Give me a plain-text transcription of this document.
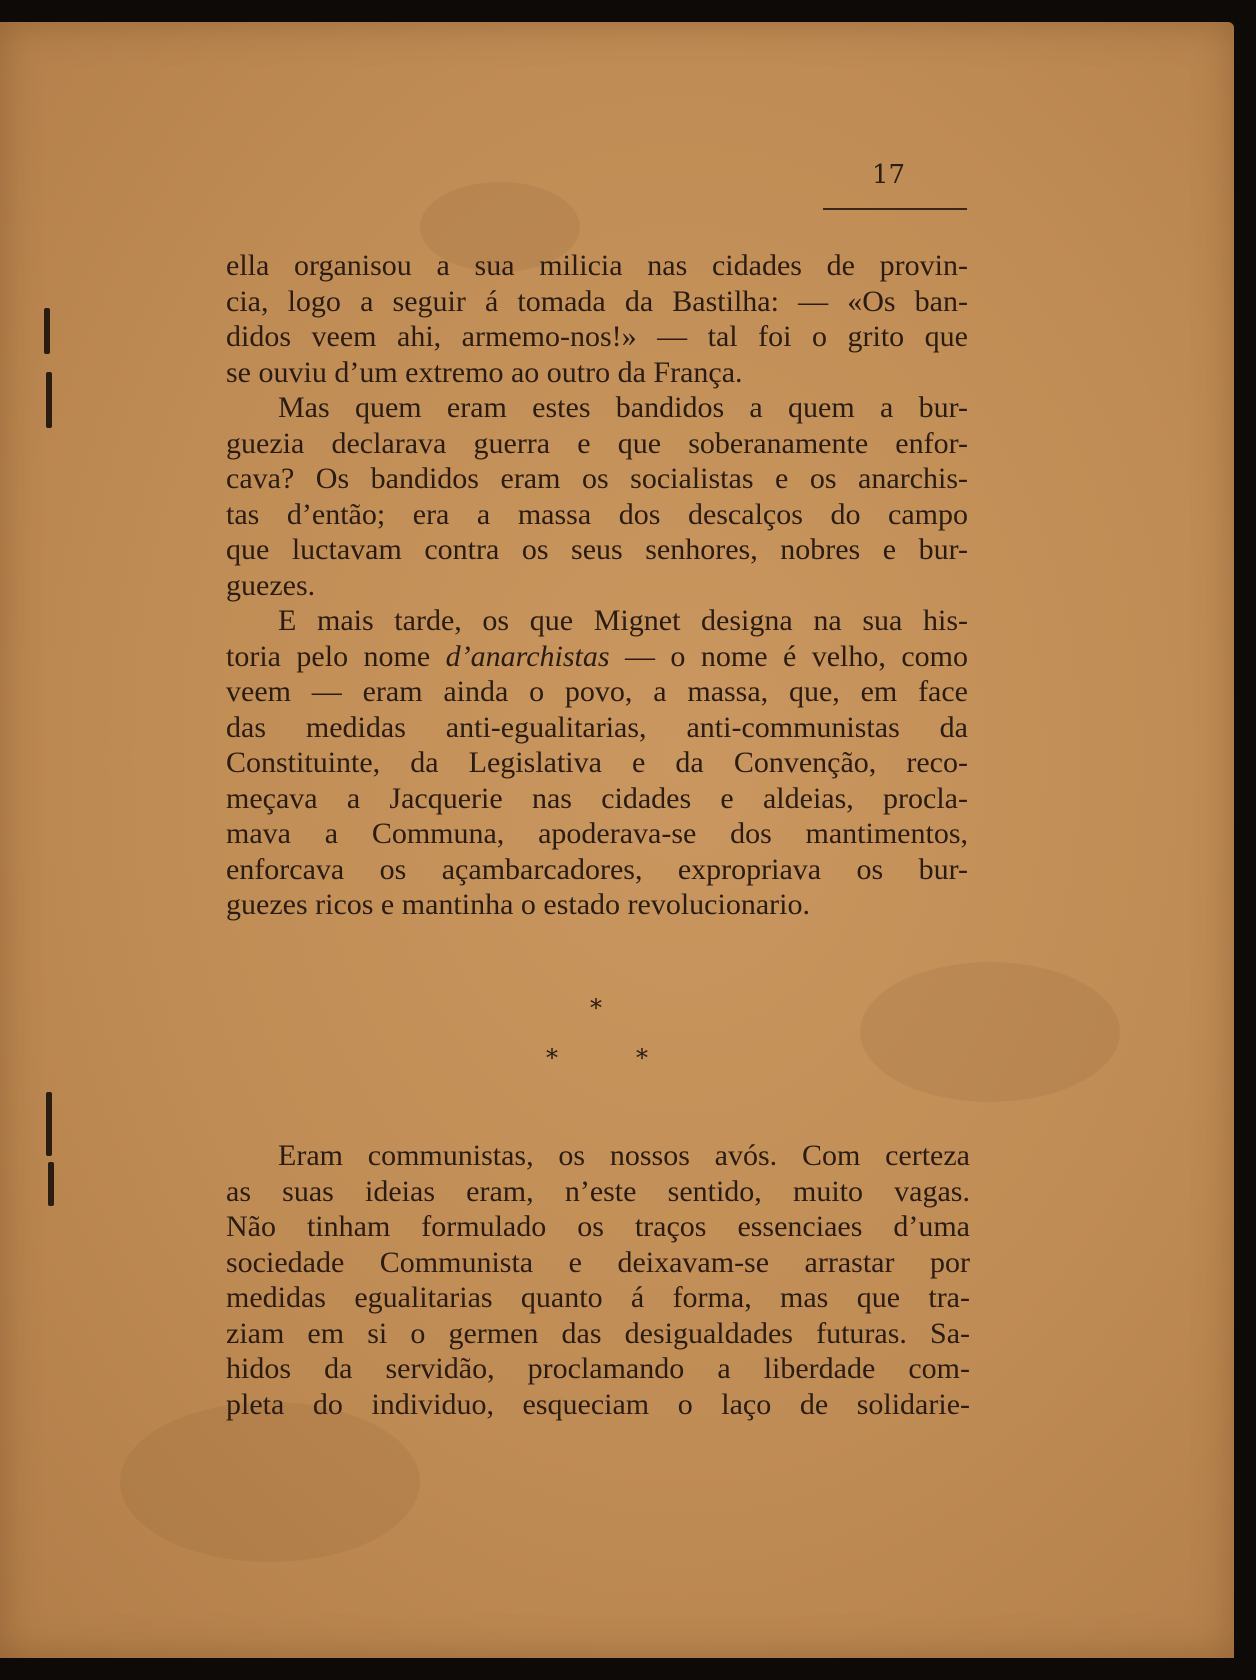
17
ella organisou a sua milicia nas cidades de provin-
cia, logo a seguir á tomada da Bastilha: — «Os ban-
didos veem ahi, armemo-nos!» — tal foi o grito que
se ouviu d’um extremo ao outro da França.
Mas quem eram estes bandidos a quem a bur-
guezia declarava guerra e que soberanamente enfor-
cava? Os bandidos eram os socialistas e os anarchis-
tas d’então; era a massa dos descalços do campo
que luctavam contra os seus senhores, nobres e bur-
guezes.
E mais tarde, os que Mignet designa na sua his-
toria pelo nome d’anarchistas — o nome é velho, como
veem — eram ainda o povo, a massa, que, em face
das medidas anti-egualitarias, anti-communistas da
Constituinte, da Legislativa e da Convenção, reco-
meçava a Jacquerie nas cidades e aldeias, procla-
mava a Communa, apoderava-se dos mantimentos,
enforcava os açambarcadores, expropriava os bur-
guezes ricos e mantinha o estado revolucionario.
*
*	*
Eram communistas, os nossos avós. Com certeza
as suas ideias eram, n’este sentido, muito vagas.
Não tinham formulado os traços essenciaes d’uma
sociedade Communista e deixavam-se arrastar por
medidas egualitarias quanto á forma, mas que tra-
ziam em si o germen das desigualdades futuras. Sa-
hidos da servidão, proclamando a liberdade com-
pleta do individuo, esqueciam o laço de solidarie-
